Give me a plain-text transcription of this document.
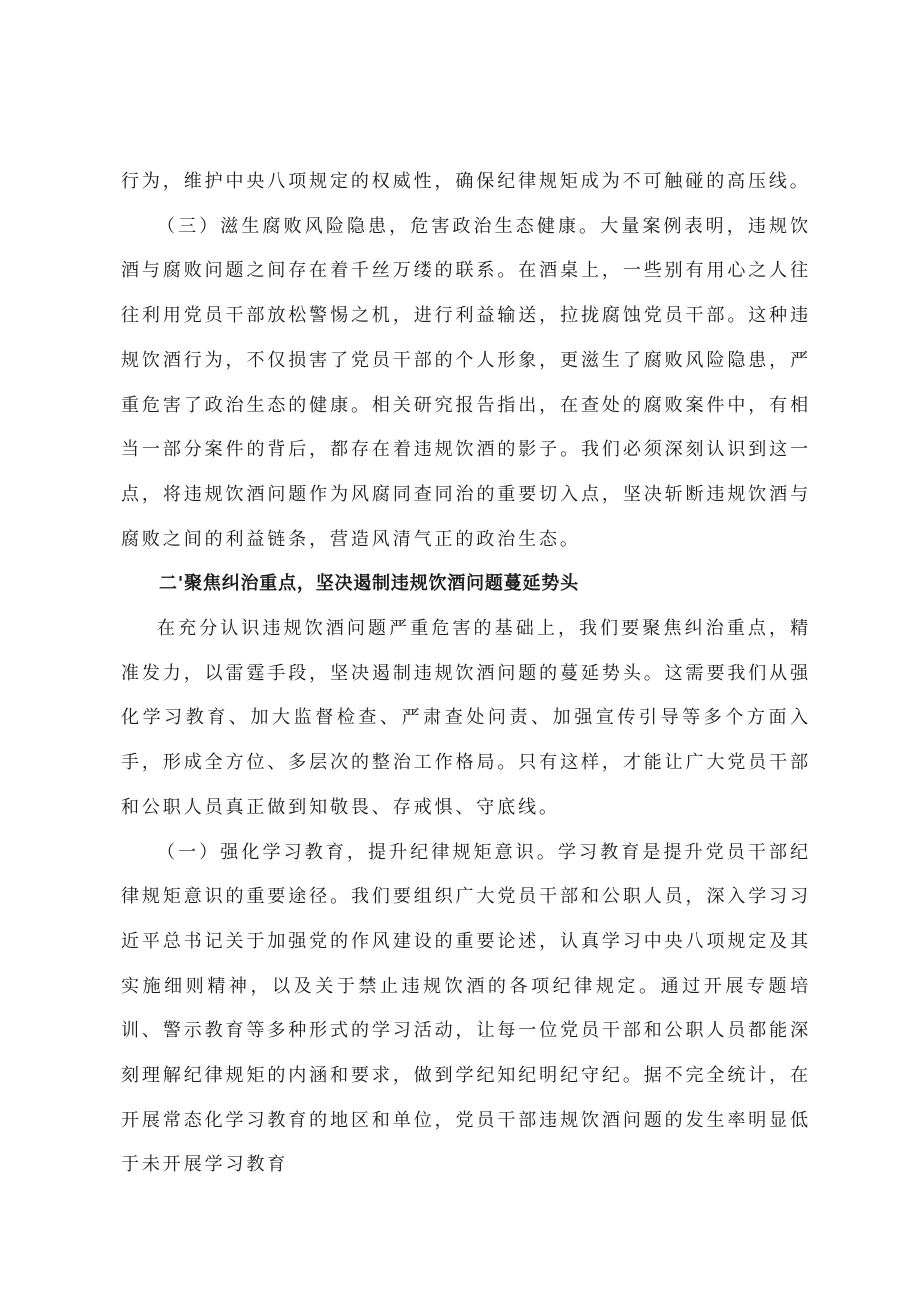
行为，维护中央八项规定的权威性，确保纪律规矩成为不可触碰的高压线。

（三）滋生腐败风险隐患，危害政治生态健康。大量案例表明，违规饮酒与腐败问题之间存在着千丝万缕的联系。在酒桌上，一些别有用心之人往往利用党员干部放松警惕之机，进行利益输送，拉拢腐蚀党员干部。这种违规饮酒行为，不仅损害了党员干部的个人形象，更滋生了腐败风险隐患，严重危害了政治生态的健康。相关研究报告指出，在查处的腐败案件中，有相当一部分案件的背后，都存在着违规饮酒的影子。我们必须深刻认识到这一点，将违规饮酒问题作为风腐同查同治的重要切入点，坚决斩断违规饮酒与腐败之间的利益链条，营造风清气正的政治生态。

二'聚焦纠治重点，坚决遏制违规饮酒问题蔓延势头

在充分认识违规饮酒问题严重危害的基础上，我们要聚焦纠治重点，精准发力，以雷霆手段，坚决遏制违规饮酒问题的蔓延势头。这需要我们从强化学习教育、加大监督检查、严肃查处问责、加强宣传引导等多个方面入手，形成全方位、多层次的整治工作格局。只有这样，才能让广大党员干部和公职人员真正做到知敬畏、存戒惧、守底线。

（一）强化学习教育，提升纪律规矩意识。学习教育是提升党员干部纪律规矩意识的重要途径。我们要组织广大党员干部和公职人员，深入学习习近平总书记关于加强党的作风建设的重要论述，认真学习中央八项规定及其实施细则精神，以及关于禁止违规饮酒的各项纪律规定。通过开展专题培训、警示教育等多种形式的学习活动，让每一位党员干部和公职人员都能深刻理解纪律规矩的内涵和要求，做到学纪知纪明纪守纪。据不完全统计，在开展常态化学习教育的地区和单位，党员干部违规饮酒问题的发生率明显低于未开展学习教育
